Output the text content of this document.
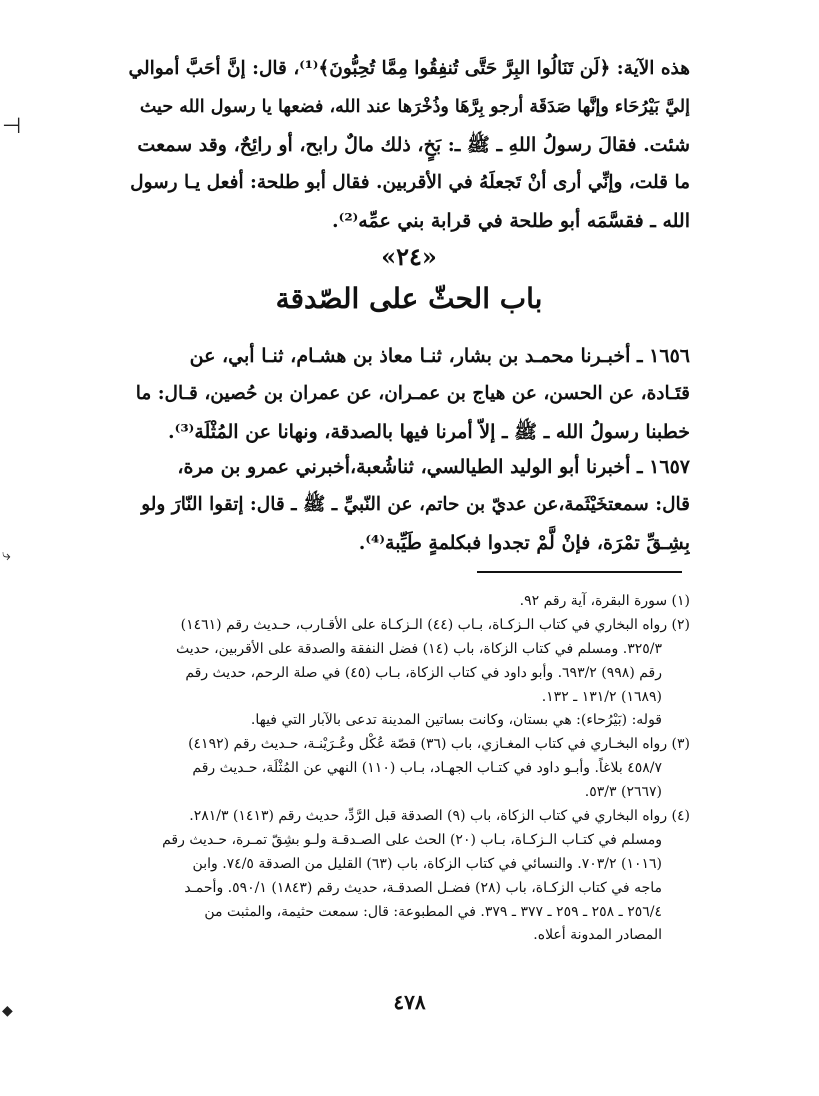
هذه الآية: ﴿لَن تَنَالُوا البِرَّ حَتَّى تُنفِقُوا مِمَّا تُحِبُّونَ﴾⁽¹⁾، قال: إنَّ أحَبَّ أموالي
إليَّ بَيْرُحَاء وإنَّها صَدَقَة أرجو بِرَّهَا وذُخْرَها عند الله، فضعها يا رسول الله حيث
شئت. فقالَ رسولُ اللهِ ـ ﷺ ـ: بَخٍ، ذلك مالٌ رابح، أو رائِحٌ، وقد سمعت
ما قلت، وإنِّي أرى أنْ تَجعلَهُ في الأقربين. فقال أبو طلحة: أفعل يـا رسول
الله ـ فقسَّمَه أبو طلحة في قرابة بني عمِّه⁽²⁾.
«٢٤»
باب الحثّ على الصّدقة
١٦٥٦ ـ أخبـرنا محمـد بن بشار، ثنـا معاذ بن هشـام، ثنـا أبي، عن
قتَـادة، عن الحسن، عن هياج بن عمـران، عن عمران بن حُصين، قـال: ما
خطبنا رسولُ الله ـ ﷺ ـ إلاّ أمرنا فيها بالصدقة، ونهانا عن المُثْلَة⁽³⁾.
١٦٥٧ ـ أخبرنا أبو الوليد الطيالسي، ثناشُعبة،أخبرني عمرو بن مرة،
قال: سمعتخَيْثَمة،عن عديّ بن حاتم، عن النّبيِّ ـ ﷺ ـ قال: إتقوا النّارَ ولو
بِشِـقِّ تمْرَة، فإنْ لَّمْ تجدوا فبكلمةٍ طَيِّبة⁽⁴⁾.
(١) سورة البقرة، آية رقم ٩٢.
(٢) رواه البخاري في كتاب الـزكـاة، بـاب (٤٤) الـزكـاة على الأقـارب، حـديث رقم (١٤٦١)
٣٢٥/٣. ومسلم في كتاب الزكاة، باب (١٤) فضل النفقة والصدقة على الأقربين، حديث
رقم (٩٩٨) ٦٩٣/٢. وأبو داود في كتاب الزكاة، بـاب (٤٥) في صلة الرحم، حديث رقم
(١٦٨٩) ١٣١/٢ ـ ١٣٢.
قوله: (بَيْرُحاء): هي بستان، وكانت بساتين المدينة تدعى بالآبار التي فيها.
(٣) رواه البخـاري في كتاب المغـازي، باب (٣٦) قصّة عُكْل وعُـرَيْنـة، حـديث رقم (٤١٩٢)
٤٥٨/٧ بلاغاً. وأبـو داود في كتـاب الجهـاد، بـاب (١١٠) النهي عن المُثْلَة، حـديث رقم
(٢٦٦٧) ٥٣/٣.
(٤) رواه البخاري في كتاب الزكاة، باب (٩) الصدقة قبل الرَّدِّ، حديث رقم (١٤١٣) ٢٨١/٣.
ومسلم في كتـاب الـزكـاة، بـاب (٢٠) الحث على الصـدقـة ولـو بشِقّ تمـرة، حـديث رقم
(١٠١٦) ٧٠٣/٢. والنسائي في كتاب الزكاة، باب (٦٣) القليل من الصدقة ٧٤/٥. وابن
ماجه في كتاب الزكـاة، باب (٢٨) فضـل الصدقـة، حديث رقم (١٨٤٣) ٥٩٠/١. وأحمـد
٢٥٦/٤ ـ ٢٥٨ ـ ٢٥٩ ـ ٣٧٧ ـ ٣٧٩. في المطبوعة: قال: سمعت حثيمة، والمثبت من
المصادر المدونة أعلاه.
٤٧٨
⊢
⤷
◆
